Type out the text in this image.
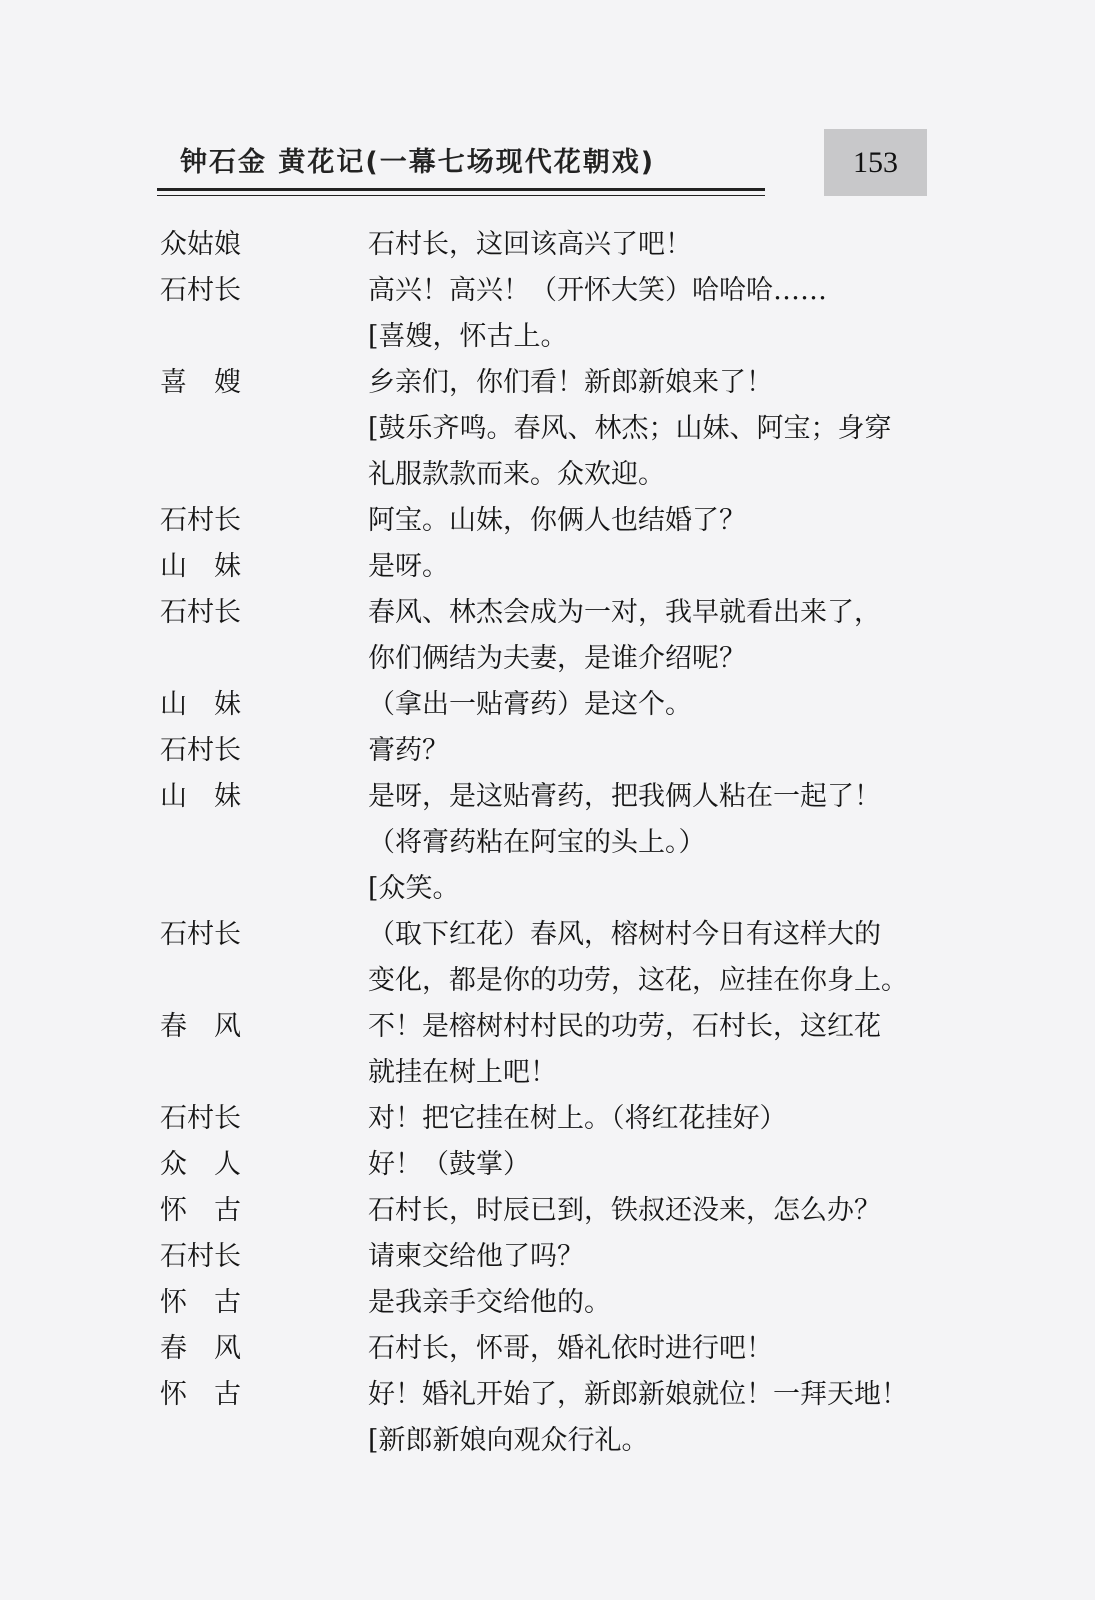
钟石金 黄花记(一幕七场现代花朝戏)	153
众姑娘	石村长，这回该高兴了吧！
石村长	高兴！高兴！（开怀大笑）哈哈哈……
[喜嫂，怀古上。
喜　嫂	乡亲们，你们看！新郎新娘来了！
[鼓乐齐鸣。春风、林杰；山妹、阿宝；身穿
礼服款款而来。众欢迎。
石村长	阿宝。山妹，你俩人也结婚了？
山　妹	是呀。
石村长	春风、林杰会成为一对，我早就看出来了，
你们俩结为夫妻，是谁介绍呢？
山　妹	（拿出一贴膏药）是这个。
石村长	膏药？
山　妹	是呀，是这贴膏药，把我俩人粘在一起了！
（将膏药粘在阿宝的头上。）
[众笑。
石村长	（取下红花）春风，榕树村今日有这样大的
变化，都是你的功劳，这花，应挂在你身上。
春　风	不！是榕树村村民的功劳，石村长，这红花
就挂在树上吧！
石村长	对！把它挂在树上。（将红花挂好）
众　人	好！（鼓掌）
怀　古	石村长，时辰已到，铁叔还没来，怎么办？
石村长	请柬交给他了吗？
怀　古	是我亲手交给他的。
春　风	石村长，怀哥，婚礼依时进行吧！
怀　古	好！婚礼开始了，新郎新娘就位！一拜天地！
[新郎新娘向观众行礼。
